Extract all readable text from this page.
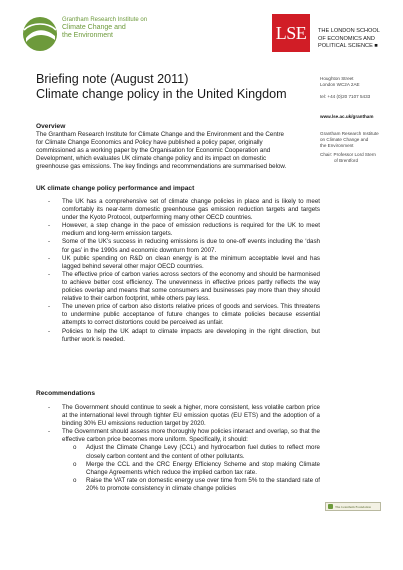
Grantham Research Institute on
Climate Change and
the Environment	LSE	THE LONDON SCHOOL
OF ECONOMICS AND
POLITICAL SCIENCE ■
Houghton Street
London WC2A 2AE

tel: +44 (0)20 7107 5433
www.lse.ac.uk/grantham
Grantham Research Institute
on Climate Change and
the Environment
Chair: Professor Lord Stern
of Brentford
Briefing note (August 2011)
Climate change policy in the United Kingdom
Overview
The Grantham Research Institute for Climate Change and the Environment and the Centre
for Climate Change Economics and Policy have published a policy paper, originally
commissioned as a working paper by the Organisation for Economic Cooperation and
Development, which evaluates UK climate change policy and its impact on domestic
greenhouse gas emissions. The key findings and recommendations are summarised below.
UK climate change policy performance and impact
- The UK has a comprehensive set of climate change policies in place and is likely to meet comfortably its near-term domestic greenhouse gas emission reduction targets and targets under the Kyoto Protocol, outperforming many other OECD countries.
- However, a step change in the pace of emission reductions is required for the UK to meet medium and long-term emission targets.
- Some of the UK’s success in reducing emissions is due to one-off events including the ‘dash for gas’ in the 1990s and economic downturn from 2007.
- UK public spending on R&D on clean energy is at the minimum acceptable level and has lagged behind several other major OECD countries.
- The effective price of carbon varies across sectors of the economy and should be harmonised to achieve better cost efficiency. The unevenness in effective prices partly reflects the way policies overlap and means that some consumers and businesses pay more than they should relative to their carbon footprint, while others pay less.
- The uneven price of carbon also distorts relative prices of goods and services. This threatens to undermine public acceptance of future changes to climate policies because essential attempts to correct distortions could be perceived as unfair.
- Policies to help the UK adapt to climate impacts are developing in the right direction, but further work is needed.
Recommendations
- The Government should continue to seek a higher, more consistent, less volatile carbon price at the international level through tighter EU emission quotas (EU ETS) and the adoption of a binding 30% EU emissions reduction target by 2020.
- The Government should assess more thoroughly how policies interact and overlap, so that the effective carbon price becomes more uniform. Specifically, it should:
o Adjust the Climate Change Levy (CCL) and hydrocarbon fuel duties to reflect more closely carbon content and the content of other pollutants.
o Merge the CCL and the CRC Energy Efficiency Scheme and stop making Climate Change Agreements which reduce the implied carbon tax rate.
o Raise the VAT rate on domestic energy use over time from 5% to the standard rate of 20% to promote consistency in climate change policies
The Grantham Foundation
